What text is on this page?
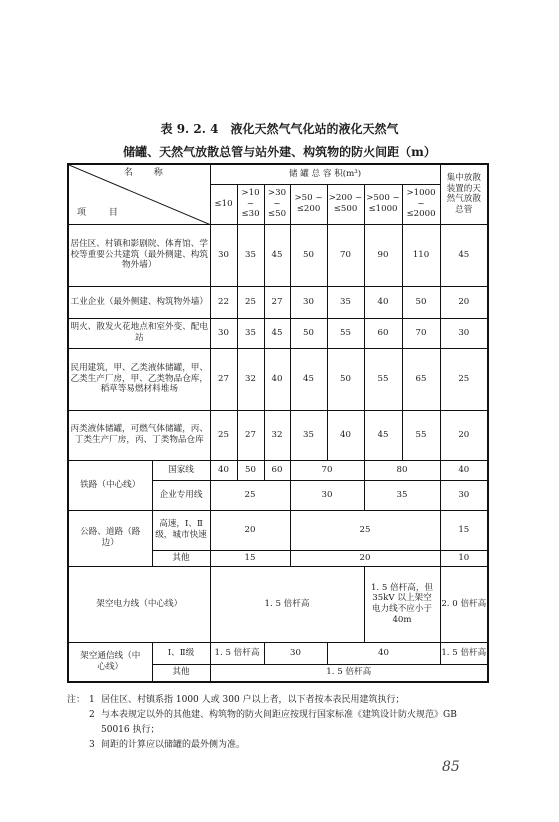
表 9. 2. 4　液化天然气气化站的液化天然气
储罐、天然气放散总管与站外建、构筑物的防火间距（m）
名 称
项 目		储 罐 总 容 积(m³)							集中放散装置的天然气放散总管
		≤10	>10 ~ ≤30	>30 ~ ≤50	>50 ~ ≤200	>200 ~ ≤500	>500 ~ ≤1000	>1000 ~ ≤2000	
居住区、村镇和影剧院、体育馆、学校等重要公共建筑（最外侧建、构筑物外墙）		30	35	45	50	70	90	110	45
工业企业（最外侧建、构筑物外墙）		22	25	27	30	35	40	50	20
明火、散发火花地点和室外变、配电站		30	35	45	50	55	60	70	30
民用建筑，甲、乙类液体储罐，甲、乙类生产厂房，甲、乙类物品仓库，稻草等易燃材料堆场		27	32	40	45	50	55	65	25
丙类液体储罐，可燃气体储罐，丙、丁类生产厂房，丙、丁类物品仓库		25	27	32	35	40	45	55	20
铁路（中心线）	国家线	40	50	60	70		80		40
	企业专用线	25			30		35		30
公路、道路（路边）	高速，Ⅰ、Ⅱ级，城市快速	20			25				15
	其他	15			20				10
架空电力线（中心线）		1. 5 倍杆高					1. 5 倍杆高，但 35kV 以上架空电力线不应小于 40m		2. 0 倍杆高
架空通信线（中心线）	Ⅰ、Ⅱ级	1. 5 倍杆高		30		40			1. 5 倍杆高
	其他	1. 5 倍杆高							
注： 1 居住区、村镇系指 1000 人或 300 户以上者，以下者按本表民用建筑执行；
2 与本表规定以外的其他建、构筑物的防火间距应按现行国家标准《建筑设计防火规范》GB 50016 执行；
3 间距的计算应以储罐的最外侧为准。
85
